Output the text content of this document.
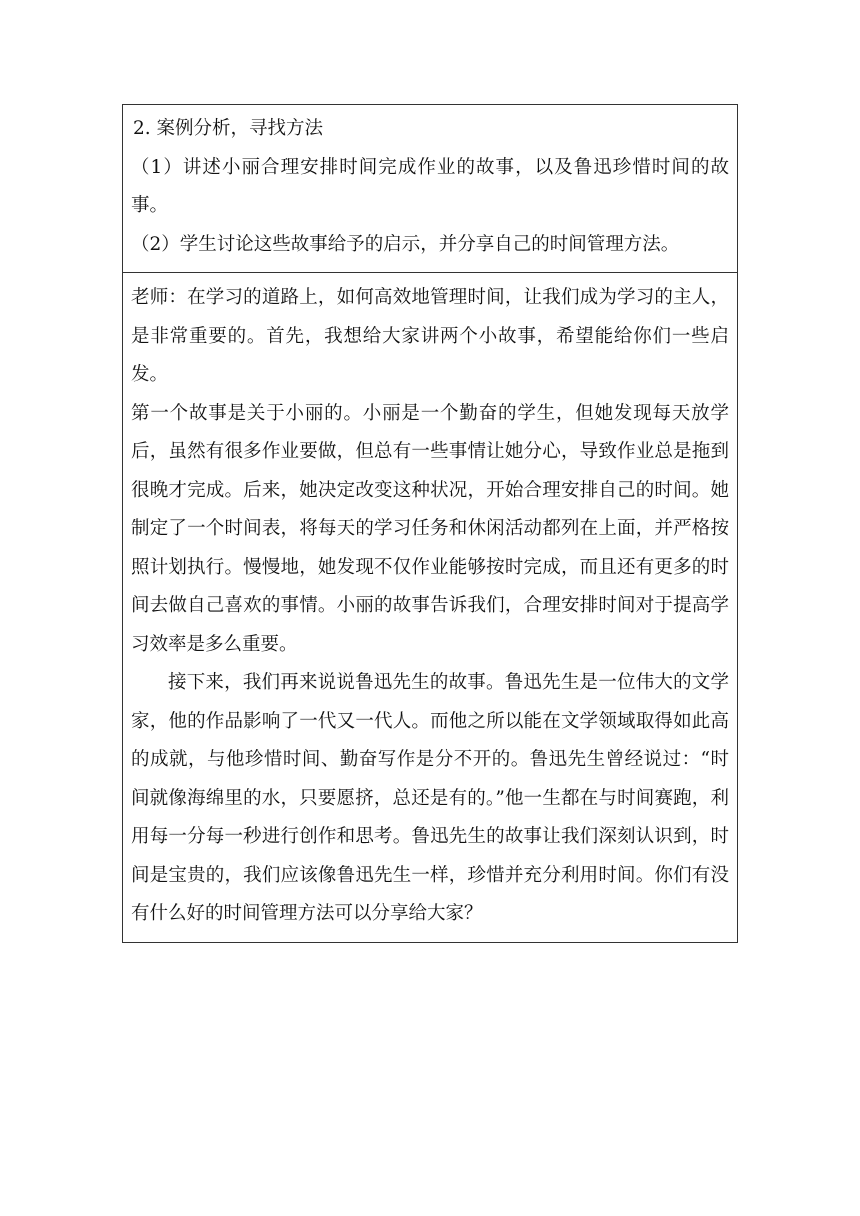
2. 案例分析，寻找方法

（1）讲述小丽合理安排时间完成作业的故事，以及鲁迅珍惜时间的故事。

（2）学生讨论这些故事给予的启示，并分享自己的时间管理方法。

老师：在学习的道路上，如何高效地管理时间，让我们成为学习的主人，是非常重要的。首先，我想给大家讲两个小故事，希望能给你们一些启发。

第一个故事是关于小丽的。小丽是一个勤奋的学生，但她发现每天放学后，虽然有很多作业要做，但总有一些事情让她分心，导致作业总是拖到很晚才完成。后来，她决定改变这种状况，开始合理安排自己的时间。她制定了一个时间表，将每天的学习任务和休闲活动都列在上面，并严格按照计划执行。慢慢地，她发现不仅作业能够按时完成，而且还有更多的时间去做自己喜欢的事情。小丽的故事告诉我们，合理安排时间对于提高学习效率是多么重要。

接下来，我们再来说说鲁迅先生的故事。鲁迅先生是一位伟大的文学家，他的作品影响了一代又一代人。而他之所以能在文学领域取得如此高的成就，与他珍惜时间、勤奋写作是分不开的。鲁迅先生曾经说过：“时间就像海绵里的水，只要愿挤，总还是有的。”他一生都在与时间赛跑，利用每一分每一秒进行创作和思考。鲁迅先生的故事让我们深刻认识到，时间是宝贵的，我们应该像鲁迅先生一样，珍惜并充分利用时间。你们有没有什么好的时间管理方法可以分享给大家？
